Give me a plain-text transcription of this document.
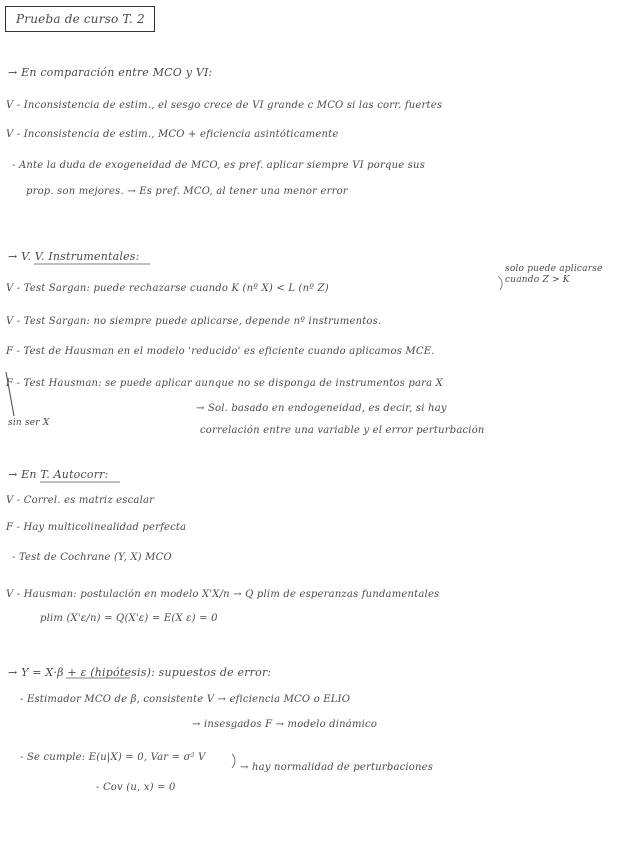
Prueba de curso T. 2
→ En comparación entre MCO y VI:
V - Inconsistencia de estim., el sesgo crece de VI grande c MCO si las corr. fuertes
V - Inconsistencia de estim., MCO + eficiencia asintóticamente
- Ante la duda de exogeneidad de MCO, es pref. aplicar siempre VI porque sus
prop. son mejores. → Es pref. MCO, al tener una menor error
→ V. V. Instrumentales:
solo puede aplicarse cuando Z > K
V - Test Sargan: puede rechazarse cuando K (nº X) < L (nº Z)
V - Test Sargan: no siempre puede aplicarse, depende nº instrumentos.
F - Test de Hausman en el modelo 'reducido' es eficiente cuando aplicamos MCE.
F - Test Hausman: se puede aplicar aunque no se disponga de instrumentos para X
→ Sol. basado en endogeneidad, es decir, si hay
correlación entre una variable y el error perturbación
sin ser X
→ En T. Autocorr:
V - Correl. es matriz escalar
F - Hay multicolinealidad perfecta
- Test de Cochrane (Y, X) MCO
V - Hausman: postulación en modelo X'X/n → Q plim de esperanzas fundamentales
plim (X'ε/n) = Q(X'ε) = E(X ε) = 0
→ Y = X·β + ε (hipótesis): supuestos de error:
- Estimador MCO de β, consistente V → eficiencia MCO o ELIO
→ insesgados F → modelo dinámico
- Se cumple: E(u|X) = 0, Var = σ² V
→ hay normalidad de perturbaciones
- Cov (u, x) = 0
